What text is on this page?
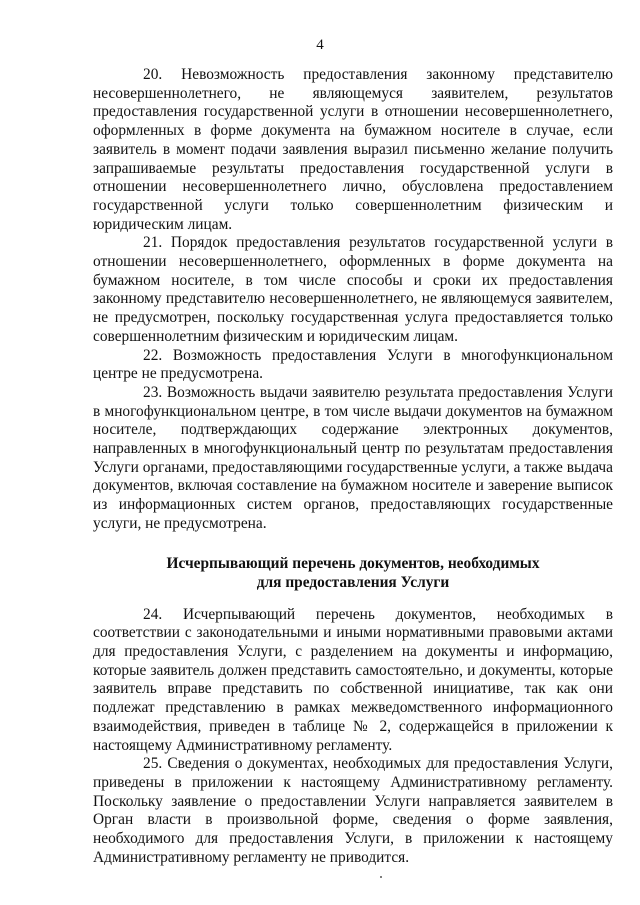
4

20. Невозможность предоставления законному представителю несовершеннолетнего, не являющемуся заявителем, результатов предоставления государственной услуги в отношении несовершеннолетнего, оформленных в форме документа на бумажном носителе в случае, если заявитель в момент подачи заявления выразил письменно желание получить запрашиваемые результаты предоставления государственной услуги в отношении несовершеннолетнего лично, обусловлена предоставлением государственной услуги только совершеннолетним физическим и юридическим лицам.

21. Порядок предоставления результатов государственной услуги в отношении несовершеннолетнего, оформленных в форме документа на бумажном носителе, в том числе способы и сроки их предоставления законному представителю несовершеннолетнего, не являющемуся заявителем, не предусмотрен, поскольку государственная услуга предоставляется только совершеннолетним физическим и юридическим лицам.

22. Возможность предоставления Услуги в многофункциональном центре не предусмотрена.

23. Возможность выдачи заявителю результата предоставления Услуги в многофункциональном центре, в том числе выдачи документов на бумажном носителе, подтверждающих содержание электронных документов, направленных в многофункциональный центр по результатам предоставления Услуги органами, предоставляющими государственные услуги, а также выдача документов, включая составление на бумажном носителе и заверение выписок из информационных систем органов, предоставляющих государственные услуги, не предусмотрена.

Исчерпывающий перечень документов, необходимых
для предоставления Услуги

24. Исчерпывающий перечень документов, необходимых в соответствии с законодательными и иными нормативными правовыми актами для предоставления Услуги, с разделением на документы и информацию, которые заявитель должен представить самостоятельно, и документы, которые заявитель вправе представить по собственной инициативе, так как они подлежат представлению в рамках межведомственного информационного взаимодействия, приведен в таблице № 2, содержащейся в приложении к настоящему Административному регламенту.

25. Сведения о документах, необходимых для предоставления Услуги, приведены в приложении к настоящему Административному регламенту. Поскольку заявление о предоставлении Услуги направляется заявителем в Орган власти в произвольной форме, сведения о форме заявления, необходимого для предоставления Услуги, в приложении к настоящему Административному регламенту не приводится.
